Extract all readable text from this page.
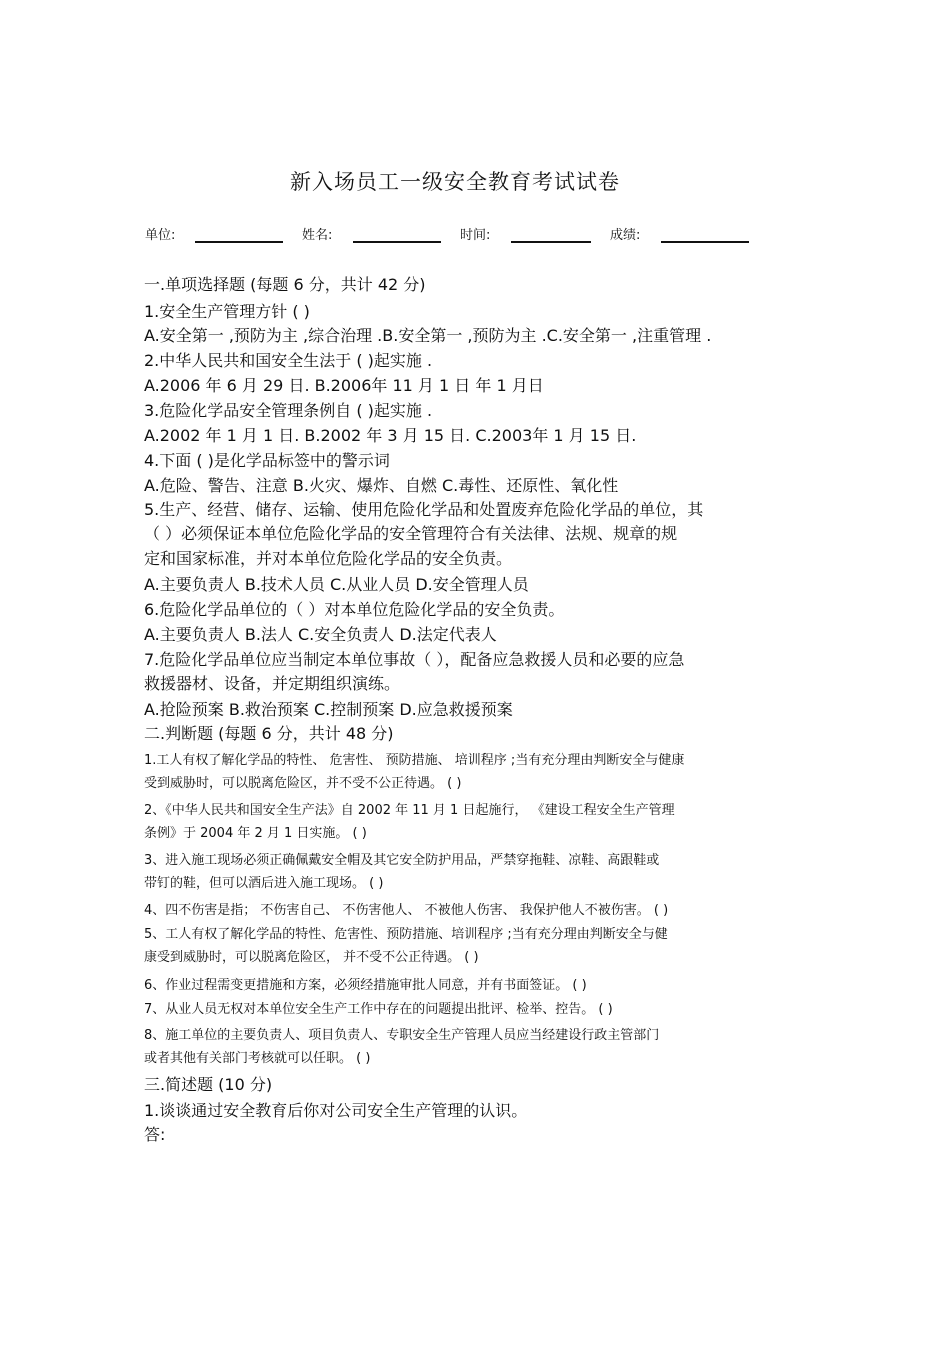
新入场员工一级安全教育考试试卷
单位:	姓名:	时间:	成绩:
一.单项选择题 (每题 6 分，共计 42 分)
1.安全生产管理方针 ( )
A.安全第一 ,预防为主 ,综合治理 .B.安全第一 ,预防为主 .C.安全第一 ,注重管理 .
2.中华人民共和国安全生法于 ( )起实施 .
A.2006 年 6 月 29 日. B.2006年 11 月 1 日 年 1 月日
3.危险化学品安全管理条例自 ( )起实施 .
A.2002 年 1 月 1 日. B.2002 年 3 月 15 日. C.2003年 1 月 15 日.
4.下面 ( )是化学品标签中的警示词
A.危险、警告、注意 B.火灾、爆炸、自燃 C.毒性、还原性、氧化性
5.生产、经营、储存、运输、使用危险化学品和处置废弃危险化学品的单位，其
（ ）必须保证本单位危险化学品的安全管理符合有关法律、法规、规章的规
定和国家标准，并对本单位危险化学品的安全负责。
A.主要负责人 B.技术人员 C.从业人员 D.安全管理人员
6.危险化学品单位的（ ）对本单位危险化学品的安全负责。
A.主要负责人 B.法人 C.安全负责人 D.法定代表人
7.危险化学品单位应当制定本单位事故（ ），配备应急救援人员和必要的应急
救援器材、设备，并定期组织演练。
A.抢险预案 B.救治预案 C.控制预案 D.应急救援预案
二.判断题 (每题 6 分，共计 48 分)
1.工人有权了解化学品的特性、 危害性、 预防措施、 培训程序 ;当有充分理由判断安全与健康
受到威胁时，可以脱离危险区，并不受不公正待遇。 ( )
2、《中华人民共和国安全生产法》自 2002 年 11 月 1 日起施行， 《建设工程安全生产管理
条例》于 2004 年 2 月 1 日实施。 ( )
3、进入施工现场必须正确佩戴安全帽及其它安全防护用品，严禁穿拖鞋、凉鞋、高跟鞋或
带钉的鞋，但可以酒后进入施工现场。 ( )
4、四不伤害是指； 不伤害自己、 不伤害他人、 不被他人伤害、 我保护他人不被伤害。 ( )
5、工人有权了解化学品的特性、危害性、预防措施、培训程序 ;当有充分理由判断安全与健
康受到威胁时，可以脱离危险区， 并不受不公正待遇。 ( )
6、作业过程需变更措施和方案，必须经措施审批人同意，并有书面签证。 ( )
7、从业人员无权对本单位安全生产工作中存在的问题提出批评、检举、控告。 ( )
8、施工单位的主要负责人、项目负责人、专职安全生产管理人员应当经建设行政主管部门
或者其他有关部门考核就可以任职。 ( )
三.简述题 (10 分)
1.谈谈通过安全教育后你对公司安全生产管理的认识。
答:
